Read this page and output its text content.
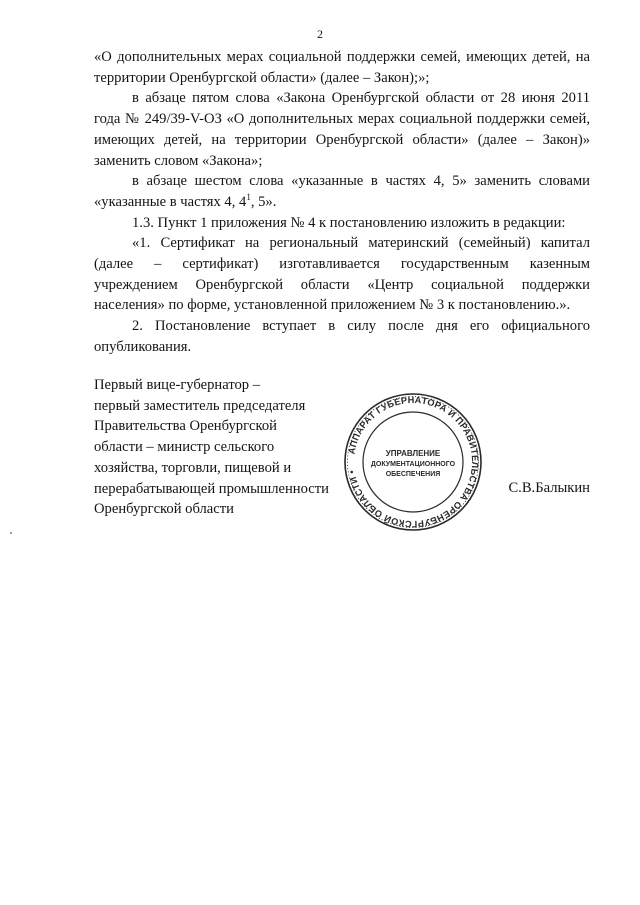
2

«О дополнительных мерах социальной поддержки семей, имеющих детей, на территории Оренбургской области» (далее – Закон);»;

в абзаце пятом слова «Закона Оренбургской области от 28 июня 2011 года № 249/39-V-ОЗ «О дополнительных мерах социальной поддержки семей, имеющих детей, на территории Оренбургской области» (далее – Закон)» заменить словом «Закона»;

в абзаце шестом слова «указанные в частях 4, 5» заменить словами «указанные в частях 4, $4^1$, 5».

1.3. Пункт 1 приложения № 4 к постановлению изложить в редакции:

«1. Сертификат на региональный материнский (семейный) капитал (далее – сертификат) изготавливается государственным казенным учреждением Оренбургской области «Центр социальной поддержки населения» по форме, установленной приложением № 3 к постановлению.».

2. Постановление вступает в силу после дня его официального опубликования.

Первый вице-губернатор –
первый заместитель председателя
Правительства Оренбургской
области – министр сельского
хозяйства, торговли, пищевой и
перерабатывающей промышленности
Оренбургской области
С.В.Балыкин
АППАРАТ ГУБЕРНАТОРА И ПРАВИТЕЛЬСТВА ОРЕНБУРГСКОЙ ОБЛАСТИ •
УПРАВЛЕНИЕ
ДОКУМЕНТАЦИОННОГО
ОБЕСПЕЧЕНИЯ
